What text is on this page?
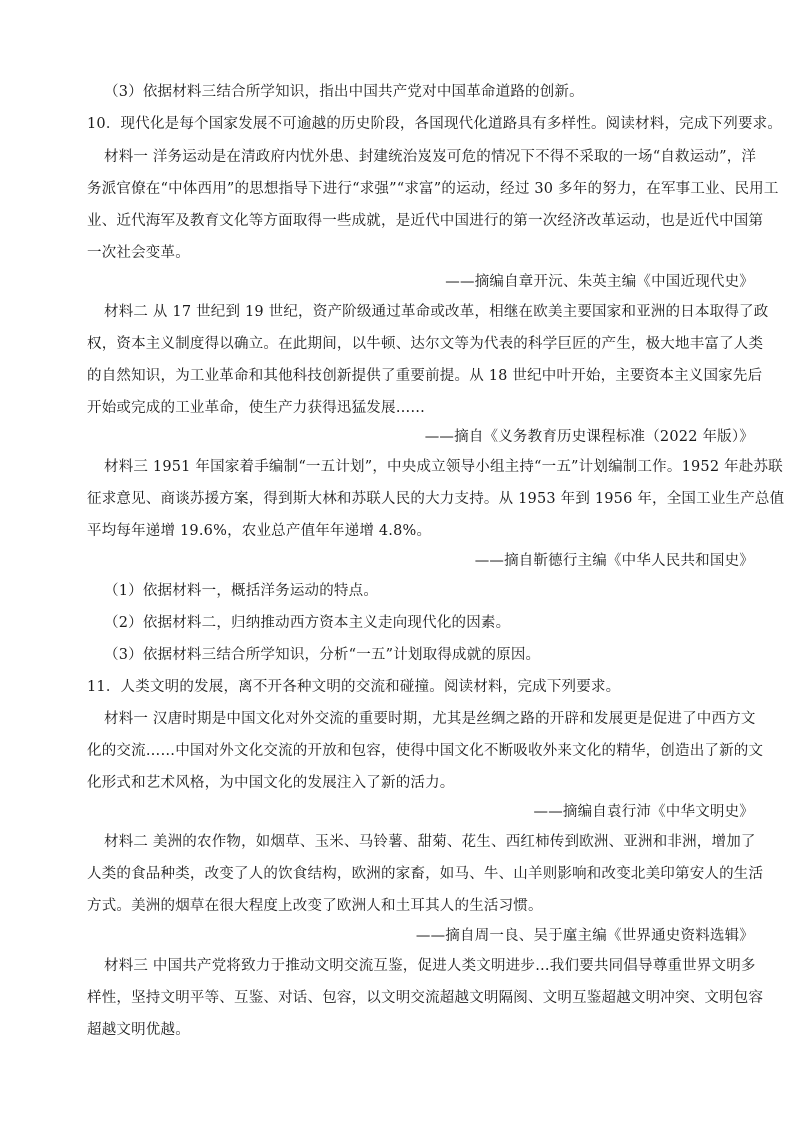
（3）依据材料三结合所学知识，指出中国共产党对中国革命道路的创新。
10．现代化是每个国家发展不可逾越的历史阶段，各国现代化道路具有多样性。阅读材料，完成下列要求。
材料一 洋务运动是在清政府内忧外患、封建统治岌岌可危的情况下不得不采取的一场“自救运动”，洋
务派官僚在“中体西用”的思想指导下进行“求强”“求富”的运动，经过 30 多年的努力，在军事工业、民用工
业、近代海军及教育文化等方面取得一些成就，是近代中国进行的第一次经济改革运动，也是近代中国第
一次社会变革。
——摘编自章开沅、朱英主编《中国近现代史》
材料二 从 17 世纪到 19 世纪，资产阶级通过革命或改革，相继在欧美主要国家和亚洲的日本取得了政
权，资本主义制度得以确立。在此期间，以牛顿、达尔文等为代表的科学巨匠的产生，极大地丰富了人类
的自然知识，为工业革命和其他科技创新提供了重要前提。从 18 世纪中叶开始，主要资本主义国家先后
开始或完成的工业革命，使生产力获得迅猛发展……
——摘自《义务教育历史课程标准（2022 年版）》
材料三 1951 年国家着手编制“一五计划”，中央成立领导小组主持“一五”计划编制工作。1952 年赴苏联
征求意见、商谈苏援方案，得到斯大林和苏联人民的大力支持。从 1953 年到 1956 年，全国工业生产总值
平均每年递增 19.6%，农业总产值年年递增 4.8%。
——摘自靳德行主编《中华人民共和国史》
（1）依据材料一，概括洋务运动的特点。
（2）依据材料二，归纳推动西方资本主义走向现代化的因素。
（3）依据材料三结合所学知识，分析“一五”计划取得成就的原因。
11．人类文明的发展，离不开各种文明的交流和碰撞。阅读材料，完成下列要求。
材料一 汉唐时期是中国文化对外交流的重要时期，尤其是丝绸之路的开辟和发展更是促进了中西方文
化的交流……中国对外文化交流的开放和包容，使得中国文化不断吸收外来文化的精华，创造出了新的文
化形式和艺术风格，为中国文化的发展注入了新的活力。
——摘编自袁行沛《中华文明史》
材料二 美洲的农作物，如烟草、玉米、马铃薯、甜菊、花生、西红柿传到欧洲、亚洲和非洲，增加了
人类的食品种类，改变了人的饮食结构，欧洲的家畜，如马、牛、山羊则影响和改变北美印第安人的生活
方式。美洲的烟草在很大程度上改变了欧洲人和土耳其人的生活习惯。
——摘自周一良、吴于廑主编《世界通史资料选辑》
材料三 中国共产党将致力于推动文明交流互鉴，促进人类文明进步…我们要共同倡导尊重世界文明多
样性，坚持文明平等、互鉴、对话、包容，以文明交流超越文明隔阂、文明互鉴超越文明冲突、文明包容
超越文明优越。
